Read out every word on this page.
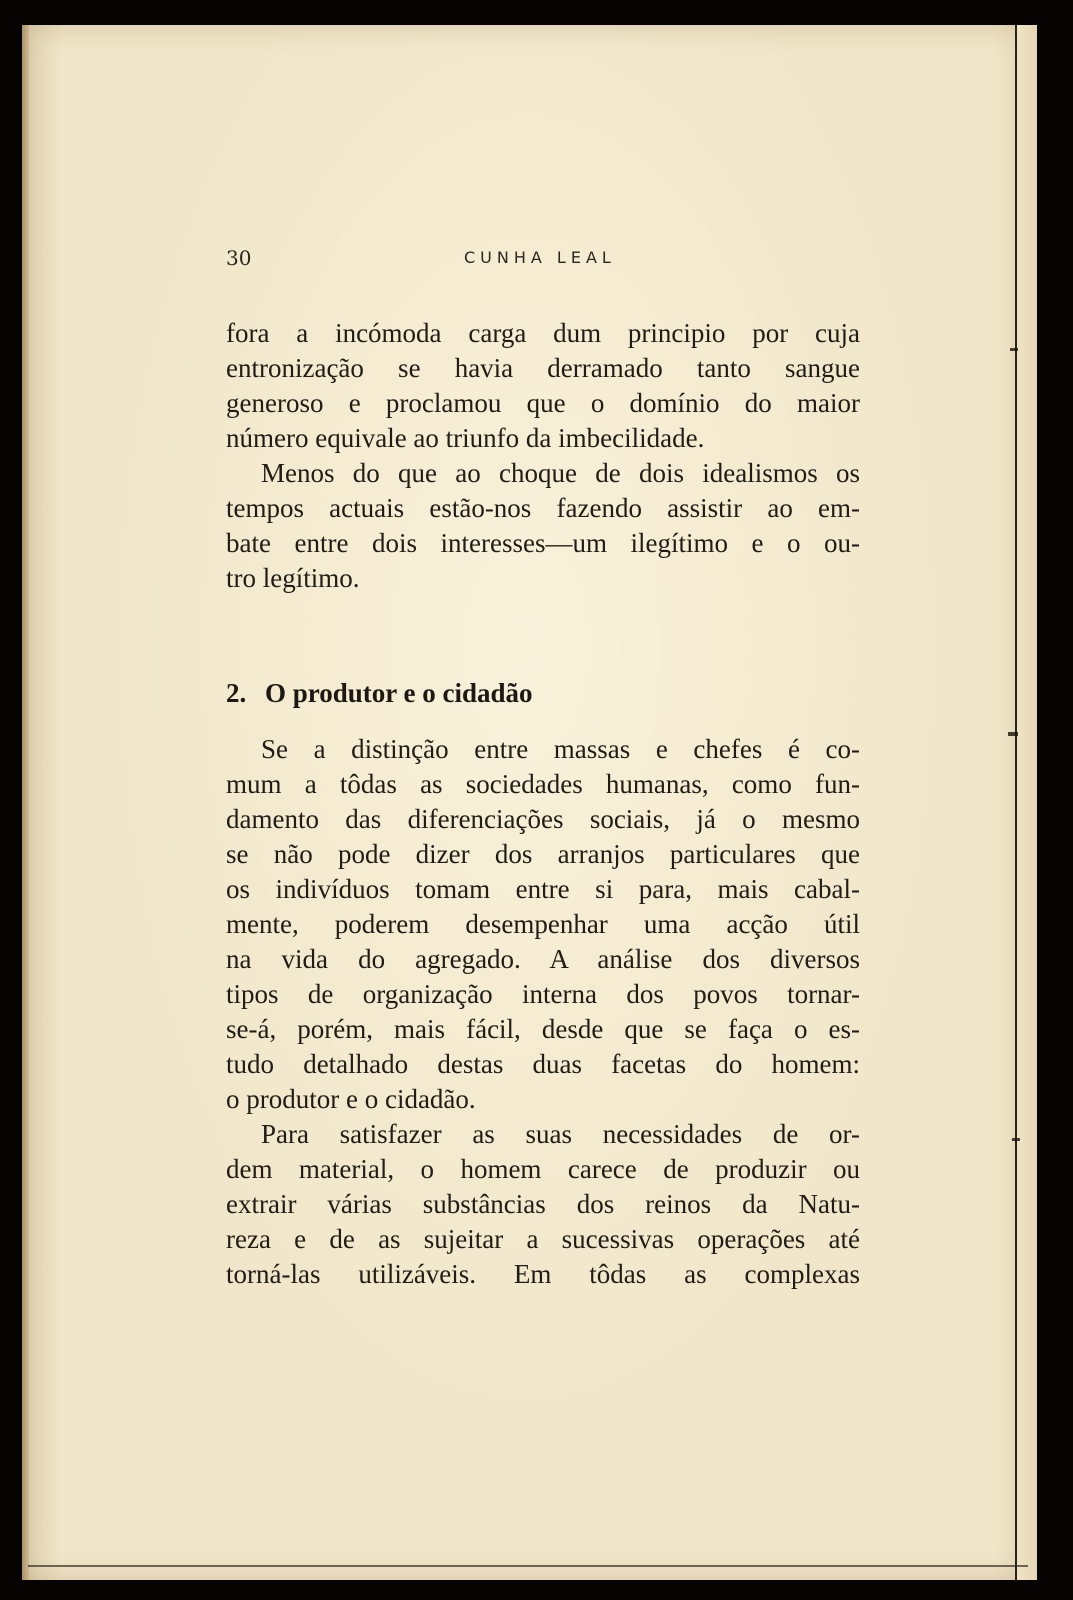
30	CUNHA LEAL
fora a incómoda carga dum principio por cuja
entronização se havia derramado tanto sangue
generoso e proclamou que o domínio do maior
número equivale ao triunfo da imbecilidade.
Menos do que ao choque de dois idealismos os
tempos actuais estão-nos fazendo assistir ao em-
bate entre dois interesses—um ilegítimo e o ou-
tro legítimo.
2. O produtor e o cidadão
Se a distinção entre massas e chefes é co-
mum a tôdas as sociedades humanas, como fun-
damento das diferenciações sociais, já o mesmo
se não pode dizer dos arranjos particulares que
os indivíduos tomam entre si para, mais cabal-
mente, poderem desempenhar uma acção útil
na vida do agregado. A análise dos diversos
tipos de organização interna dos povos tornar-
se-á, porém, mais fácil, desde que se faça o es-
tudo detalhado destas duas facetas do homem:
o produtor e o cidadão.
Para satisfazer as suas necessidades de or-
dem material, o homem carece de produzir ou
extrair várias substâncias dos reinos da Natu-
reza e de as sujeitar a sucessivas operações até
torná-las utilizáveis. Em tôdas as complexas
